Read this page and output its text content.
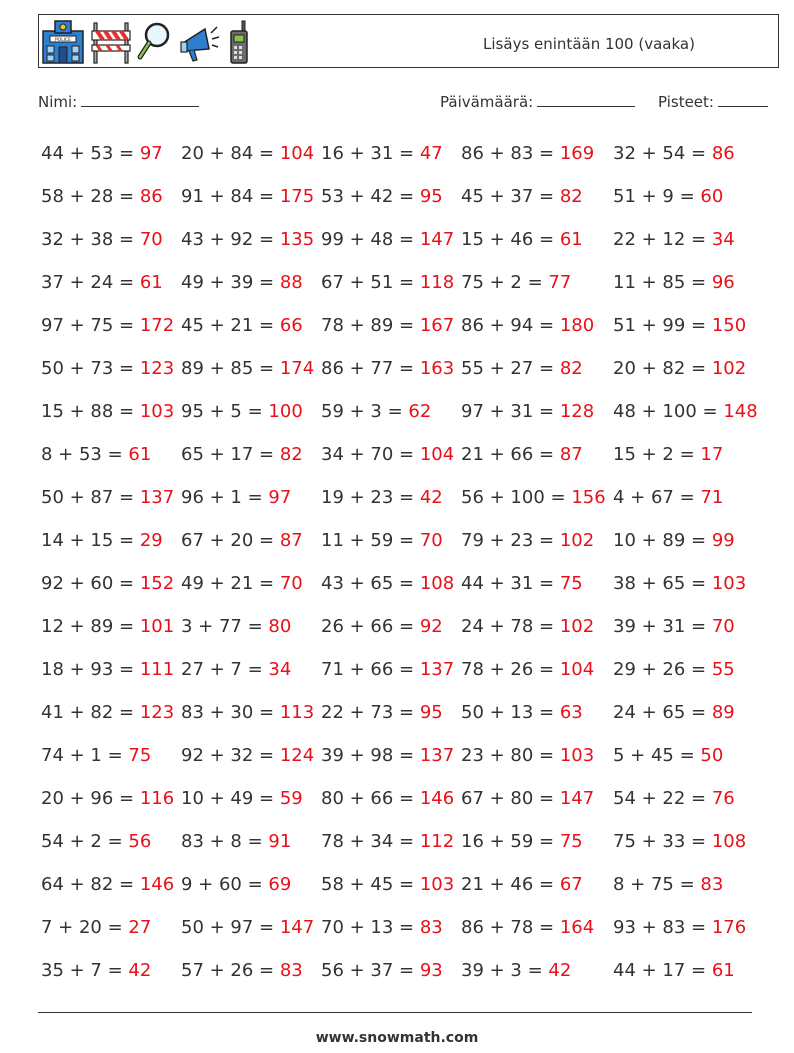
POLICE	Lisäys enintään 100 (vaaka)
Nimi:	Päivämäärä:	Pisteet:
44 + 53 = 97 20 + 84 = 104 16 + 31 = 47 86 + 83 = 169 32 + 54 = 86
58 + 28 = 86 91 + 84 = 175 53 + 42 = 95 45 + 37 = 82 51 + 9 = 60
32 + 38 = 70 43 + 92 = 135 99 + 48 = 147 15 + 46 = 61 22 + 12 = 34
37 + 24 = 61 49 + 39 = 88 67 + 51 = 118 75 + 2 = 77 11 + 85 = 96
97 + 75 = 172 45 + 21 = 66 78 + 89 = 167 86 + 94 = 180 51 + 99 = 150
50 + 73 = 123 89 + 85 = 174 86 + 77 = 163 55 + 27 = 82 20 + 82 = 102
15 + 88 = 103 95 + 5 = 100 59 + 3 = 62 97 + 31 = 128 48 + 100 = 148
8 + 53 = 61 65 + 17 = 82 34 + 70 = 104 21 + 66 = 87 15 + 2 = 17
50 + 87 = 137 96 + 1 = 97 19 + 23 = 42 56 + 100 = 156 4 + 67 = 71
14 + 15 = 29 67 + 20 = 87 11 + 59 = 70 79 + 23 = 102 10 + 89 = 99
92 + 60 = 152 49 + 21 = 70 43 + 65 = 108 44 + 31 = 75 38 + 65 = 103
12 + 89 = 101 3 + 77 = 80 26 + 66 = 92 24 + 78 = 102 39 + 31 = 70
18 + 93 = 111 27 + 7 = 34 71 + 66 = 137 78 + 26 = 104 29 + 26 = 55
41 + 82 = 123 83 + 30 = 113 22 + 73 = 95 50 + 13 = 63 24 + 65 = 89
74 + 1 = 75 92 + 32 = 124 39 + 98 = 137 23 + 80 = 103 5 + 45 = 50
20 + 96 = 116 10 + 49 = 59 80 + 66 = 146 67 + 80 = 147 54 + 22 = 76
54 + 2 = 56 83 + 8 = 91 78 + 34 = 112 16 + 59 = 75 75 + 33 = 108
64 + 82 = 146 9 + 60 = 69 58 + 45 = 103 21 + 46 = 67 8 + 75 = 83
7 + 20 = 27 50 + 97 = 147 70 + 13 = 83 86 + 78 = 164 93 + 83 = 176
35 + 7 = 42 57 + 26 = 83 56 + 37 = 93 39 + 3 = 42 44 + 17 = 61
www.snowmath.com
